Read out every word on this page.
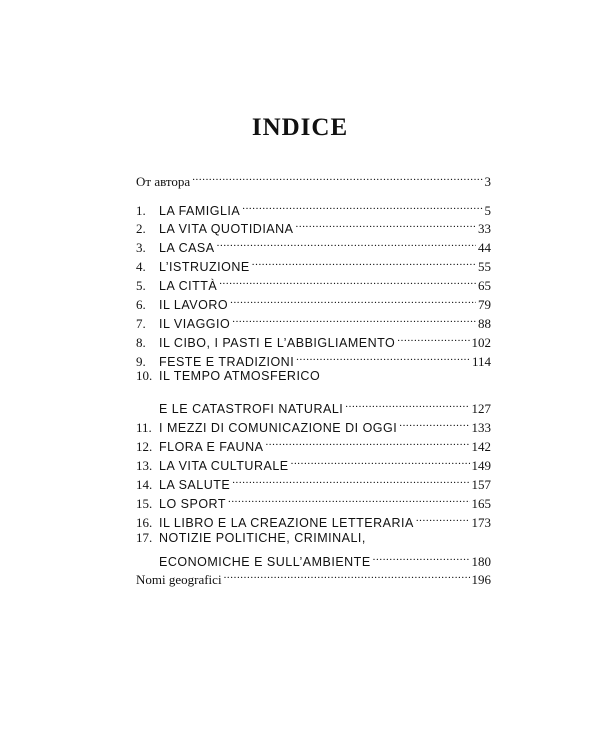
INDICE
От автора .....	3
1.	LA FAMIGLIA .....	5
2.	LA VITA QUOTIDIANA .....	33
3.	LA CASA .....	44
4.	L’ISTRUZIONE .....	55
5.	LA CITTÀ .....	65
6.	IL LAVORO .....	79
7.	IL VIAGGIO .....	88
8.	IL CIBO, I PASTI E L’ABBIGLIAMENTO .....	102
9.	FESTE E TRADIZIONI .....	114
10. IL TEMPO ATMOSFERICO
E LE CATASTROFI NATURALI .....	127
11. I MEZZI DI COMUNICAZIONE DI OGGI .....	133
12. FLORA E FAUNA .....	142
13. LA VITA CULTURALE .....	149
14. LA SALUTE .....	157
15. LO SPORT .....	165
16. IL LIBRO E LA CREAZIONE LETTERARIA .....	173
17. NOTIZIE POLITICHE, CRIMINALI,
ECONOMICHE E SULL’AMBIENTE .....	180
Nomi geografici .....	196
